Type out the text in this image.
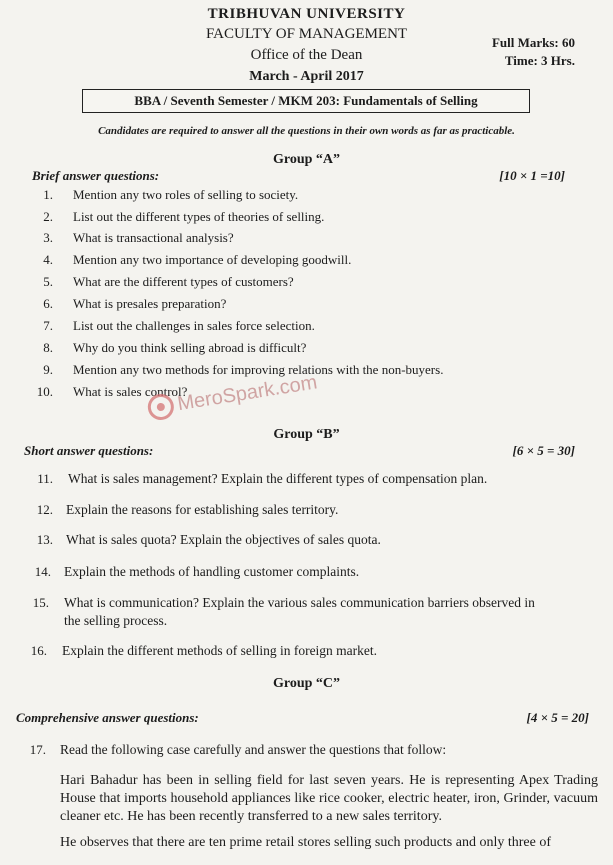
TRIBHUVAN UNIVERSITY
FACULTY OF MANAGEMENT
Office of the Dean
March - April 2017
Full Marks: 60
Time: 3 Hrs.
BBA / Seventh Semester / MKM 203: Fundamentals of Selling
Candidates are required to answer all the questions in their own words as far as practicable.
Group “A”
Brief answer questions:	[10 × 1 =10]
1. Mention any two roles of selling to society.
2. List out the different types of theories of selling.
3. What is transactional analysis?
4. Mention any two importance of developing goodwill.
5. What are the different types of customers?
6. What is presales preparation?
7. List out the challenges in sales force selection.
8. Why do you think selling abroad is difficult?
9. Mention any two methods for improving relations with the non-buyers.
10. What is sales control?
MeroSpark.com
Group “B”
Short answer questions:	[6 × 5 = 30]
11. What is sales management? Explain the different types of compensation plan.
12. Explain the reasons for establishing sales territory.
13. What is sales quota? Explain the objectives of sales quota.
14. Explain the methods of handling customer complaints.
15. What is communication? Explain the various sales communication barriers observed in
the selling process.
16. Explain the different methods of selling in foreign market.
Group “C”
Comprehensive answer questions:	[4 × 5 = 20]
17. Read the following case carefully and answer the questions that follow:
Hari Bahadur has been in selling field for last seven years. He is representing Apex Trading House that imports household appliances like rice cooker, electric heater, iron, Grinder, vacuum cleaner etc. He has been recently transferred to a new sales territory.
He observes that there are ten prime retail stores selling such products and only three of
